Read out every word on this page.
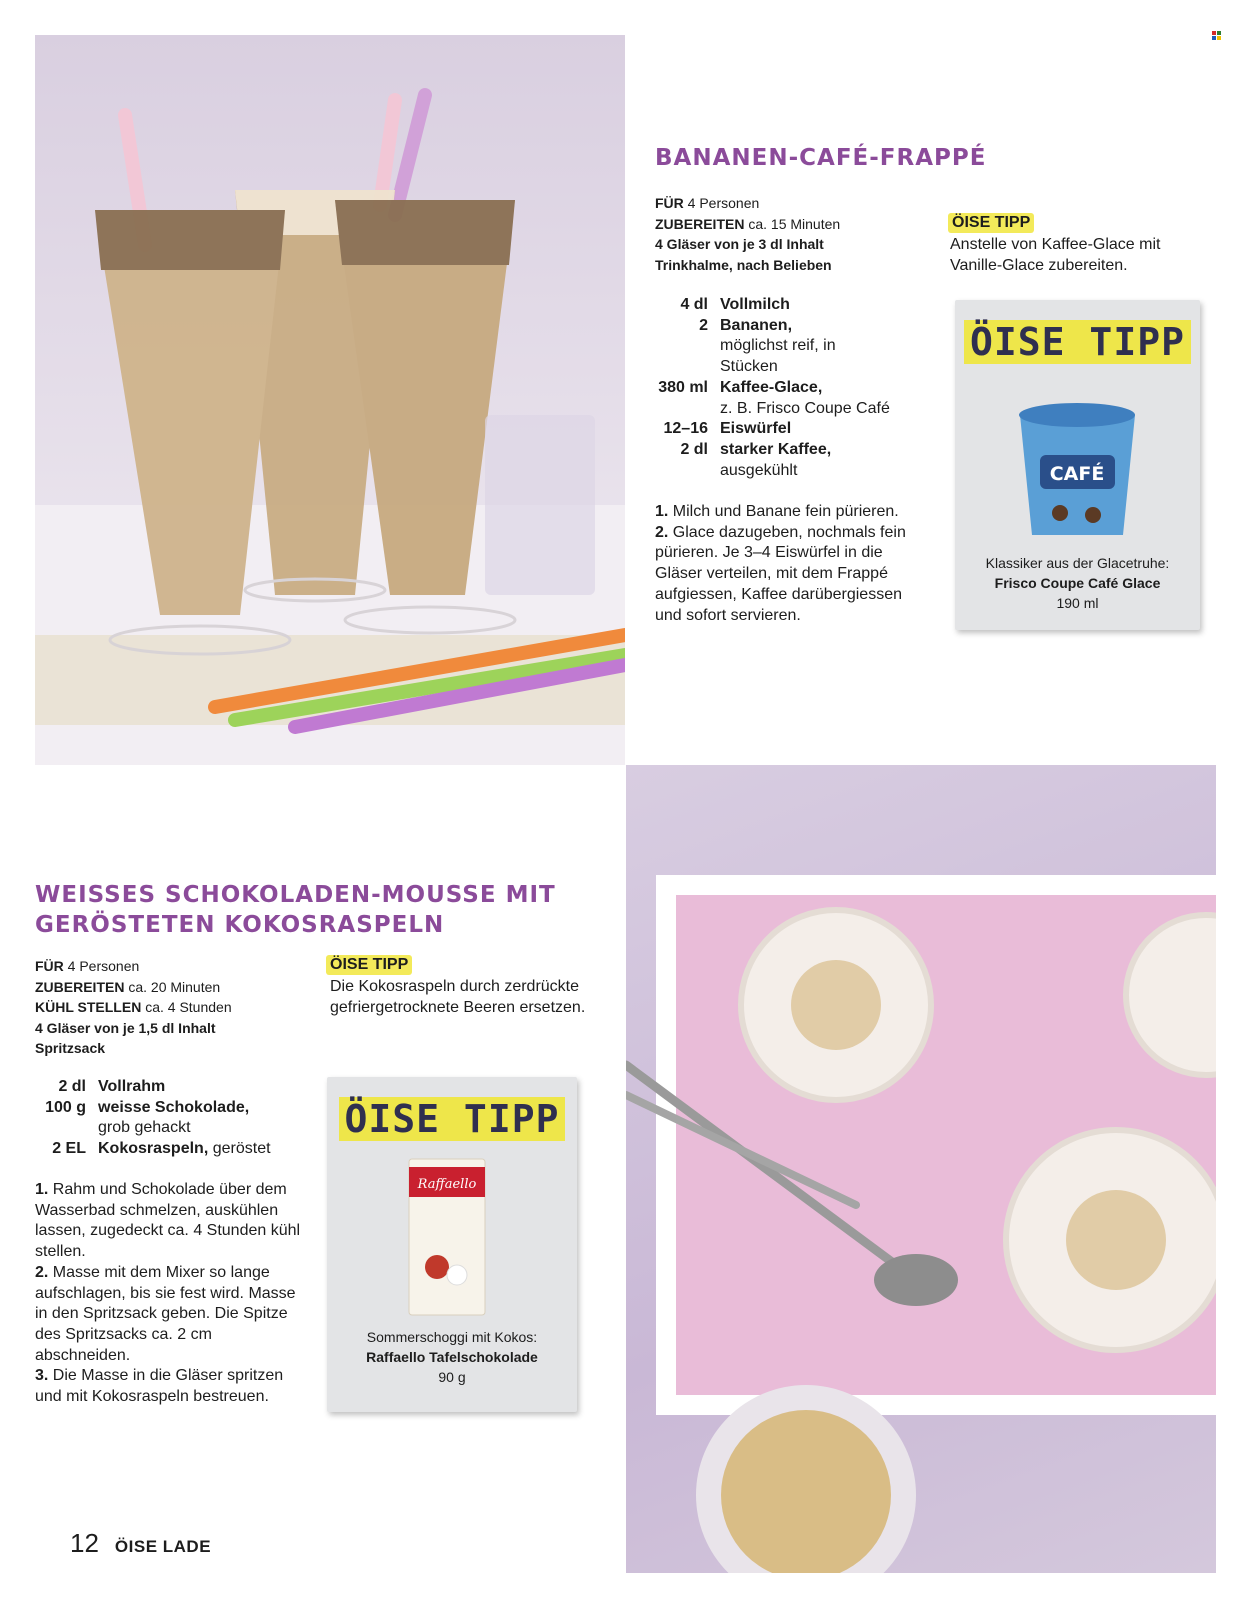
BANANEN-CAFÉ-FRAPPÉ
FÜR 4 Personen
ZUBEREITEN ca. 15 Minuten
4 Gläser von je 3 dl Inhalt
Trinkhalme, nach Belieben
4 dl Vollmilch
2 Bananen,
möglichst reif, in Stücken
380 ml Kaffee-Glace,
z. B. Frisco Coupe Café
12–16 Eiswürfel
2 dl starker Kaffee,
ausgekühlt
1. Milch und Banane fein pürieren.
2. Glace dazugeben, nochmals fein pürieren. Je 3–4 Eiswürfel in die Gläser verteilen, mit dem Frappé aufgiessen, Kaffee darübergiessen und sofort servieren.
ÖISE TIPP
Anstelle von Kaffee-Glace mit Vanille-Glace zubereiten.
ÖISE TIPP
CAFÉ
Klassiker aus der Glacetruhe:
Frisco Coupe Café Glace
190 ml
WEISSES SCHOKOLADEN-MOUSSE MIT GERÖSTETEN KOKOSRASPELN
FÜR 4 Personen
ZUBEREITEN ca. 20 Minuten
KÜHL STELLEN ca. 4 Stunden
4 Gläser von je 1,5 dl Inhalt
Spritzsack
2 dl Vollrahm
100 g weisse Schokolade,
grob gehackt
2 EL Kokosraspeln, geröstet
1. Rahm und Schokolade über dem Wasserbad schmelzen, auskühlen lassen, zugedeckt ca. 4 Stunden kühl stellen.
2. Masse mit dem Mixer so lange aufschlagen, bis sie fest wird. Masse in den Spritzsack geben. Die Spitze des Spritzsacks ca. 2 cm abschneiden.
3. Die Masse in die Gläser spritzen und mit Kokosraspeln bestreuen.
ÖISE TIPP
Die Kokosraspeln durch zerdrückte gefriergetrocknete Beeren ersetzen.
ÖISE TIPP
Raffaello
Sommerschoggi mit Kokos:
Raffaello Tafelschokolade
90 g
12 ÖISE LADE
